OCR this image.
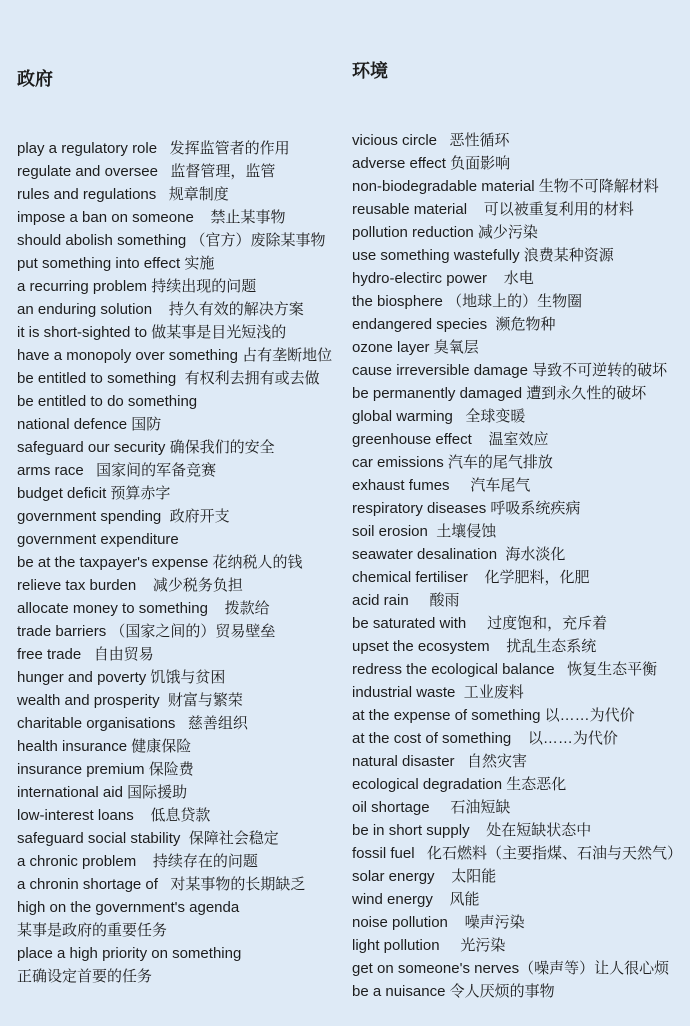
政府

play a regulatory role   发挥监管者的作用
regulate and oversee   监督管理，监管
rules and regulations   规章制度
impose a ban on someone    禁止某事物
should abolish something （官方）废除某事物
put something into effect 实施
a recurring problem 持续出现的问题
an enduring solution    持久有效的解决方案
it is short-sighted to 做某事是目光短浅的
have a monopoly over something 占有垄断地位
be entitled to something  有权利去拥有或去做
be entitled to do something
national defence 国防
safeguard our security 确保我们的安全
arms race   国家间的军备竞赛
budget deficit 预算赤字
government spending  政府开支
government expenditure
be at the taxpayer's expense 花纳税人的钱
relieve tax burden    减少税务负担
allocate money to something    拨款给
trade barriers （国家之间的）贸易壁垒
free trade   自由贸易
hunger and poverty 饥饿与贫困
wealth and prosperity  财富与繁荣
charitable organisations   慈善组织
health insurance 健康保险
insurance premium 保险费
international aid 国际援助
low-interest loans    低息贷款
safeguard social stability  保障社会稳定
a chronic problem    持续存在的问题
a chronin shortage of   对某事物的长期缺乏
high on the government's agenda
某事是政府的重要任务
place a high priority on something
正确设定首要的任务

环境

vicious circle   恶性循环
adverse effect 负面影响
non-biodegradable material 生物不可降解材料
reusable material    可以被重复利用的材料
pollution reduction 减少污染
use something wastefully 浪费某种资源
hydro-electirc power    水电
the biosphere （地球上的）生物圈
endangered species  濒危物种
ozone layer 臭氧层
cause irreversible damage 导致不可逆转的破坏
be permanently damaged 遭到永久性的破坏
global warming   全球变暖
greenhouse effect    温室效应
car emissions 汽车的尾气排放
exhaust fumes     汽车尾气
respiratory diseases 呼吸系统疾病
soil erosion  土壤侵蚀
seawater desalination  海水淡化
chemical fertiliser    化学肥料，化肥
acid rain     酸雨
be saturated with     过度饱和，充斥着
upset the ecosystem    扰乱生态系统
redress the ecological balance   恢复生态平衡
industrial waste  工业废料
at the expense of something 以……为代价
at the cost of something    以……为代价
natural disaster   自然灾害
ecological degradation 生态恶化
oil shortage     石油短缺
be in short supply    处在短缺状态中
fossil fuel   化石燃料（主要指煤、石油与天然气）
solar energy    太阳能
wind energy    风能
noise pollution    噪声污染
light pollution     光污染
get on someone's nerves（噪声等）让人很心烦
be a nuisance 令人厌烦的事物
